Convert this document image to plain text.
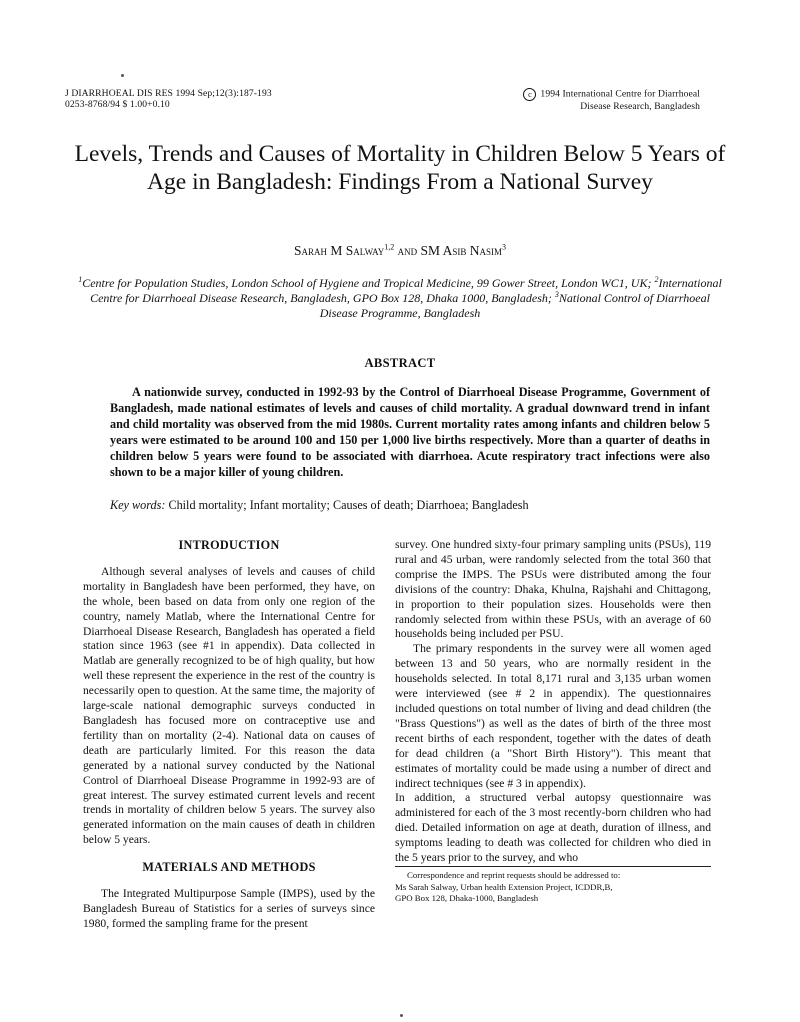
J DIARRHOEAL DIS RES 1994 Sep;12(3):187-193
0253-8768/94 $ 1.00+0.10
c 1994 International Centre for Diarrhoeal
Disease Research, Bangladesh
Levels, Trends and Causes of Mortality in Children Below 5 Years of Age in Bangladesh: Findings From a National Survey
Sarah M Salway$^{1,2}$ and SM Asib Nasim$^3$
$^1$Centre for Population Studies, London School of Hygiene and Tropical Medicine, 99 Gower Street, London WC1, UK; $^2$International Centre for Diarrhoeal Disease Research, Bangladesh, GPO Box 128, Dhaka 1000, Bangladesh; $^3$National Control of Diarrhoeal Disease Programme, Bangladesh
ABSTRACT

A nationwide survey, conducted in 1992-93 by the Control of Diarrhoeal Disease Programme, Government of Bangladesh, made national estimates of levels and causes of child mortality. A gradual downward trend in infant and child mortality was observed from the mid 1980s. Current mortality rates among infants and children below 5 years were estimated to be around 100 and 150 per 1,000 live births respectively. More than a quarter of deaths in children below 5 years were found to be associated with diarrhoea. Acute respiratory tract infections were also shown to be a major killer of young children.

Key words: Child mortality; Infant mortality; Causes of death; Diarrhoea; Bangladesh
INTRODUCTION

Although several analyses of levels and causes of child mortality in Bangladesh have been performed, they have, on the whole, been based on data from only one region of the country, namely Matlab, where the International Centre for Diarrhoeal Disease Research, Bangladesh has operated a field station since 1963 (see #1 in appendix). Data collected in Matlab are generally recognized to be of high quality, but how well these represent the experience in the rest of the country is necessarily open to question. At the same time, the majority of large-scale national demographic surveys conducted in Bangladesh has focused more on contraceptive use and fertility than on mortality (2-4). National data on causes of death are particularly limited. For this reason the data generated by a national survey conducted by the National Control of Diarrhoeal Disease Programme in 1992-93 are of great interest. The survey estimated current levels and recent trends in mortality of children below 5 years. The survey also generated information on the main causes of death in children below 5 years.

MATERIALS AND METHODS

The Integrated Multipurpose Sample (IMPS), used by the Bangladesh Bureau of Statistics for a series of surveys since 1980, formed the sampling frame for the present

survey. One hundred sixty-four primary sampling units (PSUs), 119 rural and 45 urban, were randomly selected from the total 360 that comprise the IMPS. The PSUs were distributed among the four divisions of the country: Dhaka, Khulna, Rajshahi and Chittagong, in proportion to their population sizes. Households were then randomly selected from within these PSUs, with an average of 60 households being included per PSU.

The primary respondents in the survey were all women aged between 13 and 50 years, who are normally resident in the households selected. In total 8,171 rural and 3,135 urban women were interviewed (see # 2 in appendix). The questionnaires included questions on total number of living and dead children (the "Brass Questions") as well as the dates of birth of the three most recent births of each respondent, together with the dates of death for dead children (a "Short Birth History"). This meant that estimates of mortality could be made using a number of direct and indirect techniques (see # 3 in appendix).

In addition, a structured verbal autopsy questionnaire was administered for each of the 3 most recently-born children who had died. Detailed information on age at death, duration of illness, and symptoms leading to death was collected for children who died in the 5 years prior to the survey, and who

Correspondence and reprint requests should be addressed to:
Ms Sarah Salway, Urban health Extension Project, ICDDR,B,
GPO Box 128, Dhaka-1000, Bangladesh
